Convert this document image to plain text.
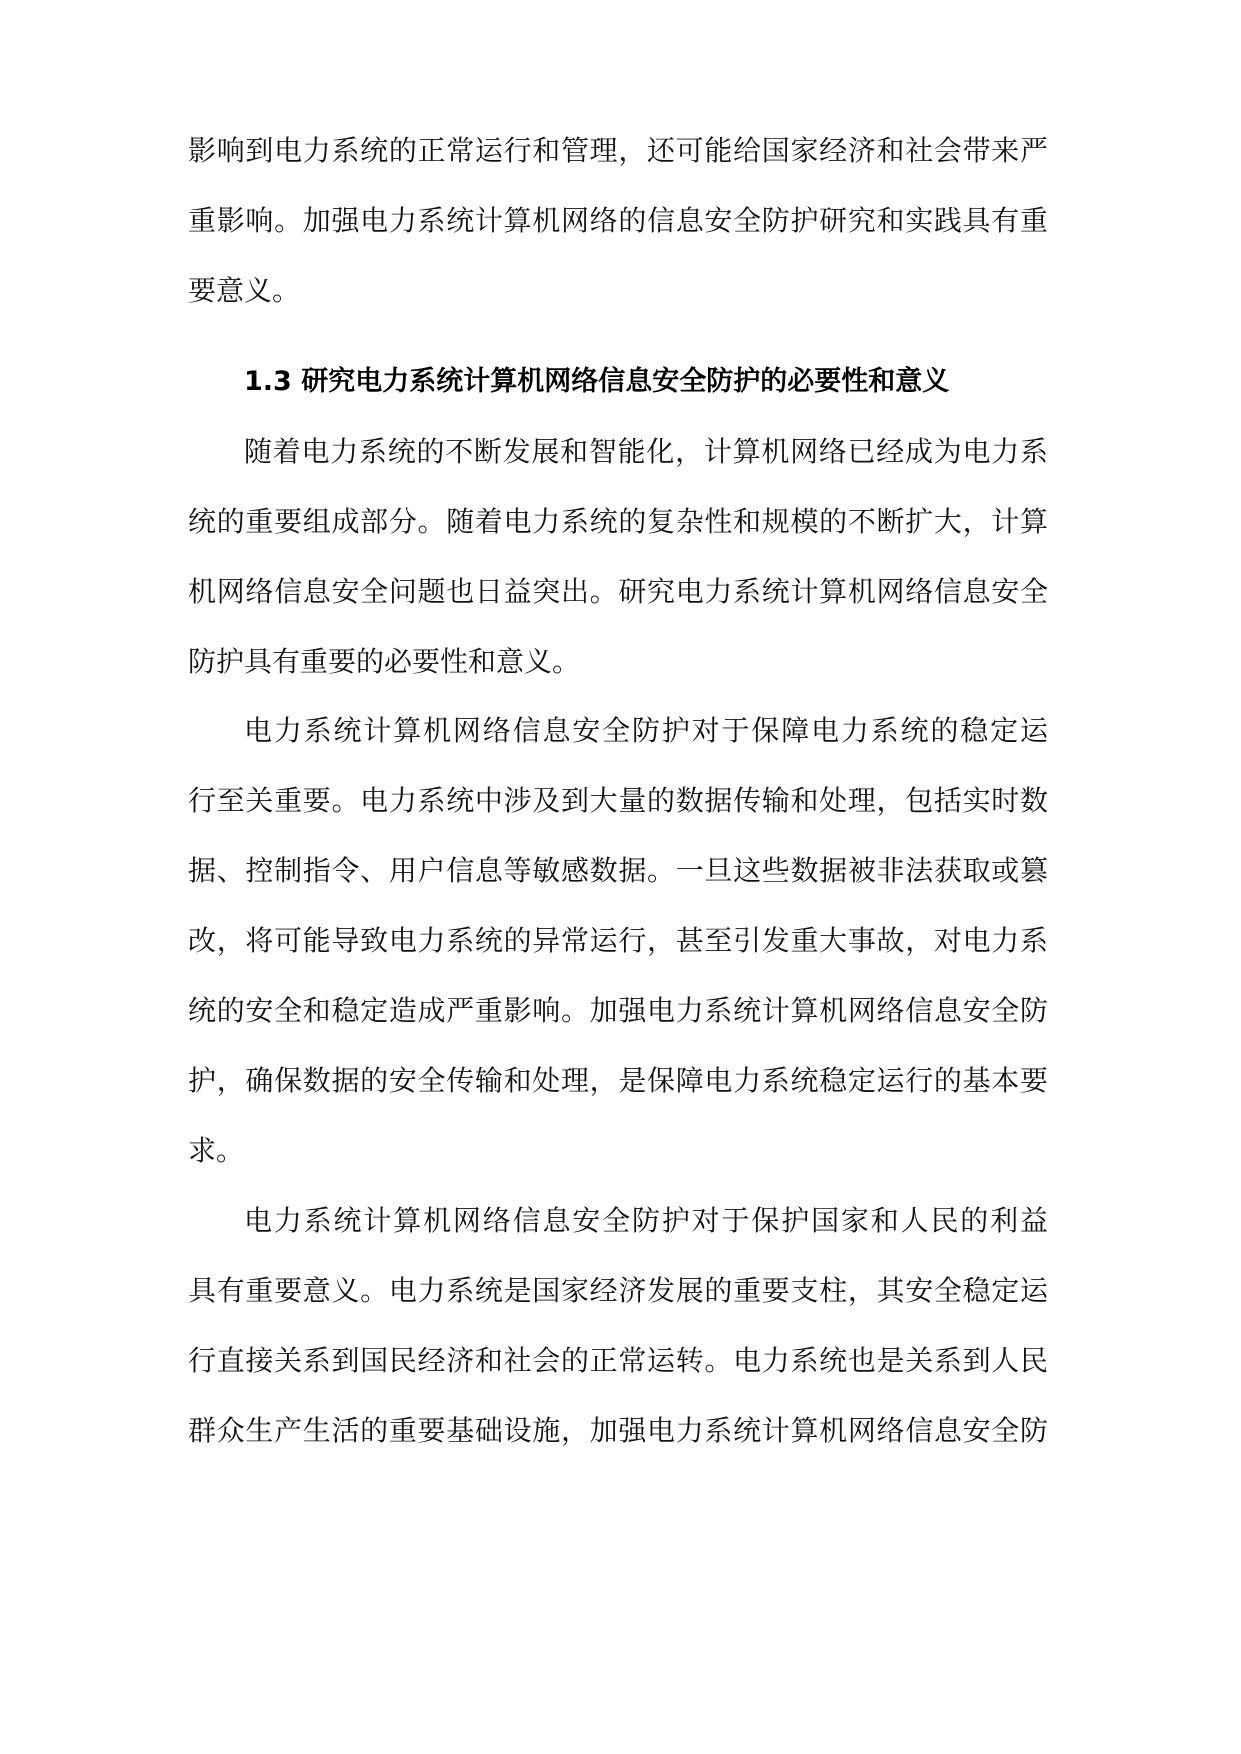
影响到电力系统的正常运行和管理，还可能给国家经济和社会带来严
重影响。加强电力系统计算机网络的信息安全防护研究和实践具有重
要意义。
1.3 研究电力系统计算机网络信息安全防护的必要性和意义
随着电力系统的不断发展和智能化，计算机网络已经成为电力系
统的重要组成部分。随着电力系统的复杂性和规模的不断扩大，计算
机网络信息安全问题也日益突出。研究电力系统计算机网络信息安全
防护具有重要的必要性和意义。
电力系统计算机网络信息安全防护对于保障电力系统的稳定运
行至关重要。电力系统中涉及到大量的数据传输和处理，包括实时数
据、控制指令、用户信息等敏感数据。一旦这些数据被非法获取或篡
改，将可能导致电力系统的异常运行，甚至引发重大事故，对电力系
统的安全和稳定造成严重影响。加强电力系统计算机网络信息安全防
护，确保数据的安全传输和处理，是保障电力系统稳定运行的基本要
求。
电力系统计算机网络信息安全防护对于保护国家和人民的利益
具有重要意义。电力系统是国家经济发展的重要支柱，其安全稳定运
行直接关系到国民经济和社会的正常运转。电力系统也是关系到人民
群众生产生活的重要基础设施，加强电力系统计算机网络信息安全防
